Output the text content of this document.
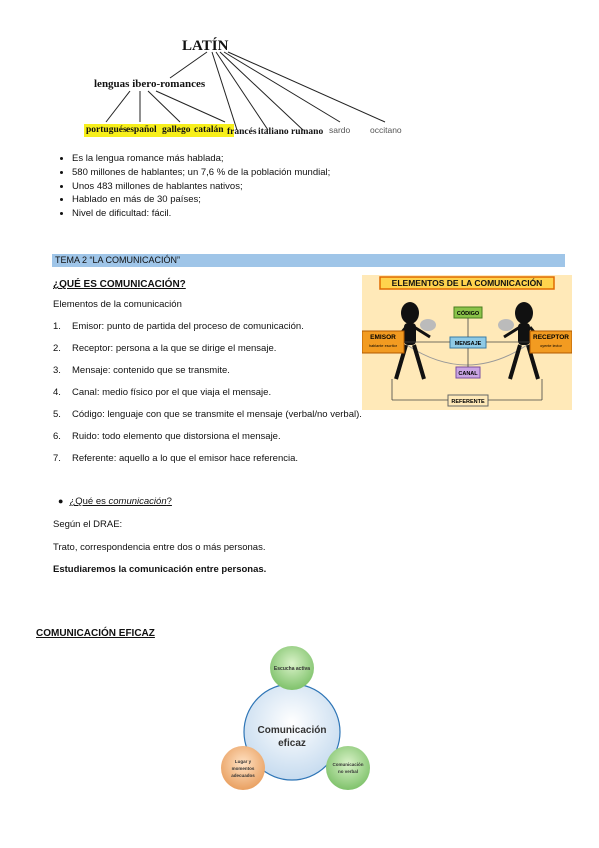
LATÍN
lenguas ibero-romances
portugués español gallego catalán francés italiano rumano sardo occitano
• Es la lengua romance más hablada;
• 580 millones de hablantes; un 7,6 % de la población mundial;
• Unos 483 millones de hablantes nativos;
• Hablado en más de 30 países;
• Nivel de dificultad: fácil.
TEMA 2 “LA COMUNICACIÓN”
¿QUÉ ES COMUNICACIÓN?
Elementos de la comunicación
1. Emisor: punto de partida del proceso de comunicación.
2. Receptor: persona a la que se dirige el mensaje.
3. Mensaje: contenido que se transmite.
4. Canal: medio físico por el que viaja el mensaje.
5. Código: lenguaje con que se transmite el mensaje (verbal/no verbal).
6. Ruido: todo elemento que distorsiona el mensaje.
7. Referente: aquello a lo que el emisor hace referencia.
ELEMENTOS DE LA COMUNICACIÓN
EMISOR
hablante escritor
RECEPTOR
oyente lector
CÓDIGO
MENSAJE
CANAL
REFERENTE
● ¿Qué es comunicación?
Según el DRAE:
Trato, correspondencia entre dos o más personas.
Estudiaremos la comunicación entre personas.
COMUNICACIÓN EFICAZ
Comunicación
eficaz
Escucha activa
Lugar y
momentos
adecuados
Comunicación
no verbal
